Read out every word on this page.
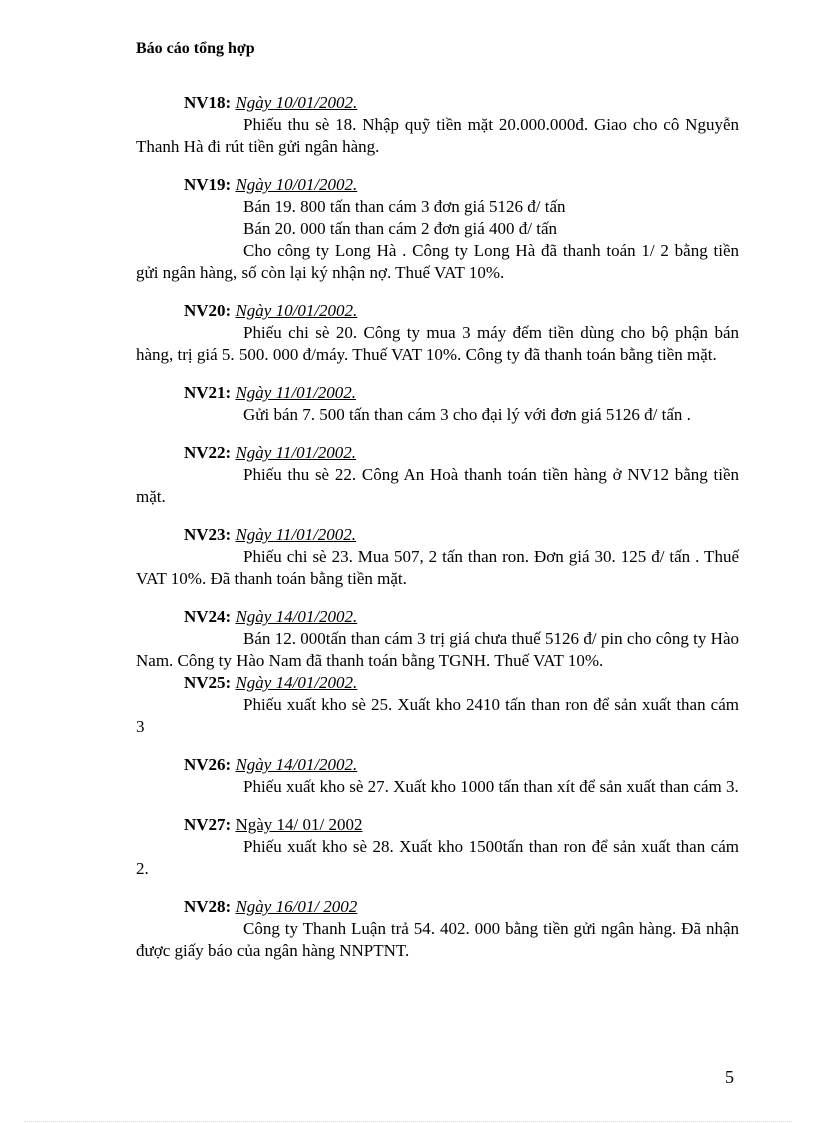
Báo cáo tổng hợp
NV18: Ngày 10/01/2002.
Phiếu thu sè 18. Nhập quỹ tiền mặt 20.000.000đ. Giao cho cô Nguyễn Thanh Hà đi rút tiền gửi ngân hàng.
NV19: Ngày 10/01/2002.
Bán 19. 800 tấn than cám 3 đơn giá 5126 đ/ tấn
Bán 20. 000 tấn than cám 2 đơn giá 400 đ/ tấn
Cho công ty Long Hà . Công ty Long Hà đã thanh toán 1/ 2 bằng tiền gửi ngân hàng, số còn lại ký nhận nợ. Thuế VAT 10%.
NV20: Ngày 10/01/2002.
Phiếu chi sè 20. Công ty mua 3 máy đếm tiền dùng cho bộ phận bán hàng, trị giá 5. 500. 000 đ/máy. Thuế VAT 10%. Công ty đã thanh toán bằng tiền mặt.
NV21: Ngày 11/01/2002.
Gửi bán 7. 500 tấn than cám 3 cho đại lý với đơn giá 5126 đ/ tấn .
NV22: Ngày 11/01/2002.
Phiếu thu sè 22. Công An Hoà thanh toán tiền hàng ở NV12 bằng tiền mặt.
NV23: Ngày 11/01/2002.
Phiếu chi sè 23. Mua 507, 2 tấn than ron. Đơn giá 30. 125 đ/ tấn . Thuế VAT 10%. Đã thanh toán bằng tiền mặt.
NV24: Ngày 14/01/2002.
Bán 12. 000tấn than cám 3 trị giá chưa thuế 5126 đ/ pin cho công ty Hào Nam. Công ty Hào Nam đã thanh toán bằng TGNH. Thuế VAT 10%.
NV25: Ngày 14/01/2002.
Phiếu xuất kho sè 25. Xuất kho 2410 tấn than ron để sản xuất than cám 3
NV26: Ngày 14/01/2002.
Phiếu xuất kho sè 27. Xuất kho 1000 tấn than xít để sản xuất than cám 3.
NV27: Ngày 14/ 01/ 2002
Phiếu xuất kho sè 28. Xuất kho 1500tấn than ron để sản xuất than cám 2.
NV28: Ngày 16/01/ 2002
Công ty Thanh Luận trả 54. 402. 000 bằng tiền gửi ngân hàng. Đã nhận được giấy báo của ngân hàng NNPTNT.
5
